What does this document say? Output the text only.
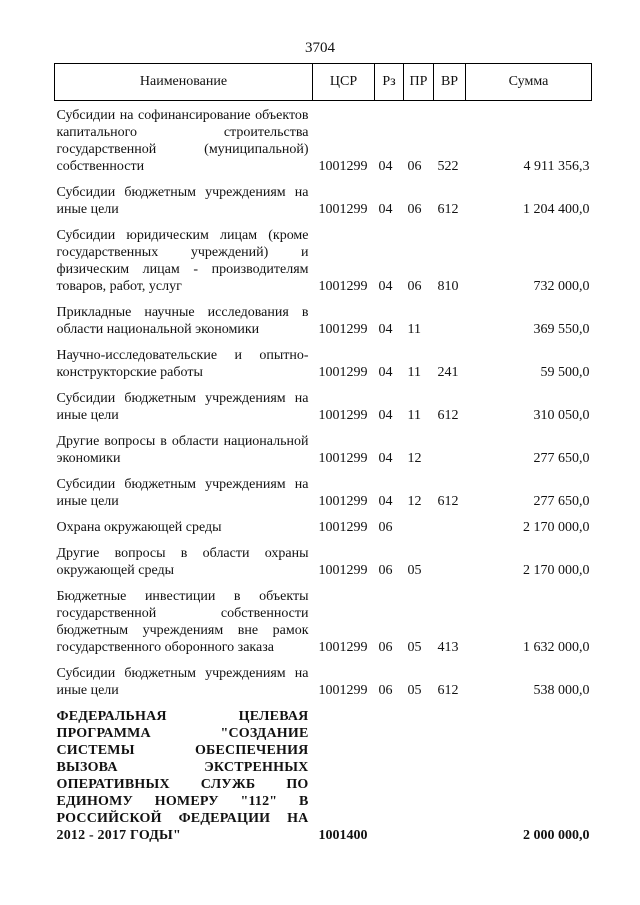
3704
Наименование	ЦСР	Рз	ПР	ВР	Сумма
Субсидии на софинансирование объектов капитального строительства государственной (муниципальной) собственности	1001299	04	06	522	4 911 356,3
Субсидии бюджетным учреждениям на иные цели	1001299	04	06	612	1 204 400,0
Субсидии юридическим лицам (кроме государственных учреждений) и физическим лицам - производителям товаров, работ, услуг	1001299	04	06	810	732 000,0
Прикладные научные исследования в области национальной экономики	1001299	04	11		369 550,0
Научно-исследовательские и опытно-конструкторские работы	1001299	04	11	241	59 500,0
Субсидии бюджетным учреждениям на иные цели	1001299	04	11	612	310 050,0
Другие вопросы в области национальной экономики	1001299	04	12		277 650,0
Субсидии бюджетным учреждениям на иные цели	1001299	04	12	612	277 650,0
Охрана окружающей среды	1001299	06			2 170 000,0
Другие вопросы в области охраны окружающей среды	1001299	06	05		2 170 000,0
Бюджетные инвестиции в объекты государственной собственности бюджетным учреждениям вне рамок государственного оборонного заказа	1001299	06	05	413	1 632 000,0
Субсидии бюджетным учреждениям на иные цели	1001299	06	05	612	538 000,0
ФЕДЕРАЛЬНАЯ ЦЕЛЕВАЯ ПРОГРАММА "СОЗДАНИЕ СИСТЕМЫ ОБЕСПЕЧЕНИЯ ВЫЗОВА ЭКСТРЕННЫХ ОПЕРАТИВНЫХ СЛУЖБ ПО ЕДИНОМУ НОМЕРУ "112" В РОССИЙСКОЙ ФЕДЕРАЦИИ НА 2012 - 2017 ГОДЫ"	1001400				2 000 000,0
